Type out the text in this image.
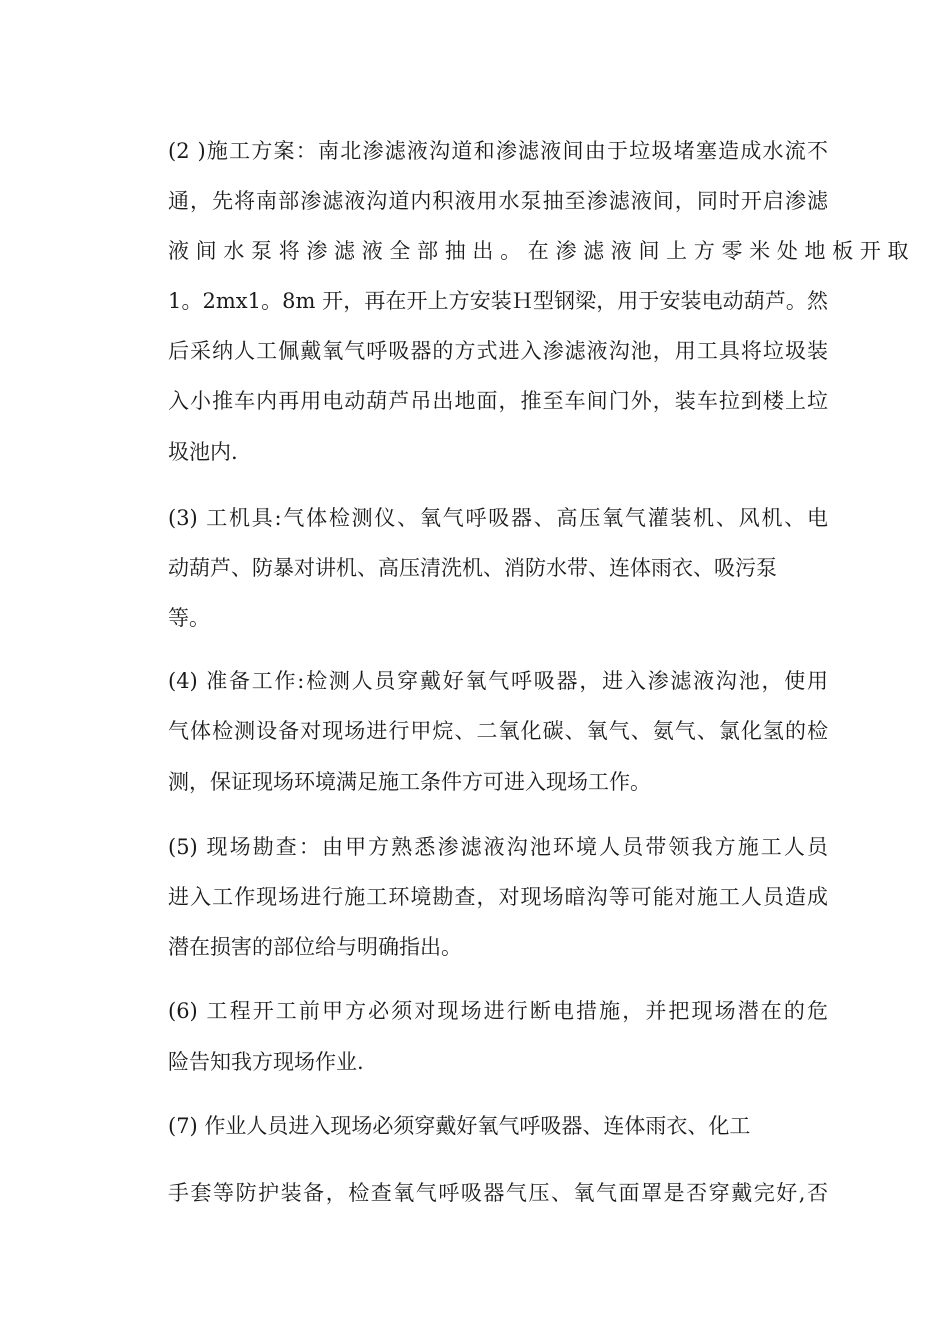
(2 )施工方案：南北渗滤液沟道和渗滤液间由于垃圾堵塞造成水流不
通，先将南部渗滤液沟道内积液用水泵抽至渗滤液间，同时开启渗滤
液 间 水 泵 将 渗 滤 液 全 部 抽 出 。 在 渗 滤 液 间 上 方 零 米 处 地 板 开 取
1。2mx1。8m 开，再在开上方安装Ｈ型钢梁，用于安装电动葫芦。然
后采纳人工佩戴氧气呼吸器的方式进入渗滤液沟池，用工具将垃圾装
入小推车内再用电动葫芦吊出地面，推至车间门外，装车拉到楼上垃
圾池内.
(3) 工机具:气体检测仪、氧气呼吸器、高压氧气灌装机、风机、电
动葫芦、防暴对讲机、高压清洗机、消防水带、连体雨衣、吸污泵
等。
(4) 准备工作:检测人员穿戴好氧气呼吸器，进入渗滤液沟池，使用
气体检测设备对现场进行甲烷、二氧化碳、氧气、氨气、氯化氢的检
测，保证现场环境满足施工条件方可进入现场工作。
(5) 现场勘查：由甲方熟悉渗滤液沟池环境人员带领我方施工人员
进入工作现场进行施工环境勘查，对现场暗沟等可能对施工人员造成
潜在损害的部位给与明确指出。
(6) 工程开工前甲方必须对现场进行断电措施，并把现场潜在的危
险告知我方现场作业.
(7) 作业人员进入现场必须穿戴好氧气呼吸器、连体雨衣、化工
手套等防护装备，检查氧气呼吸器气压、氧气面罩是否穿戴完好,否
